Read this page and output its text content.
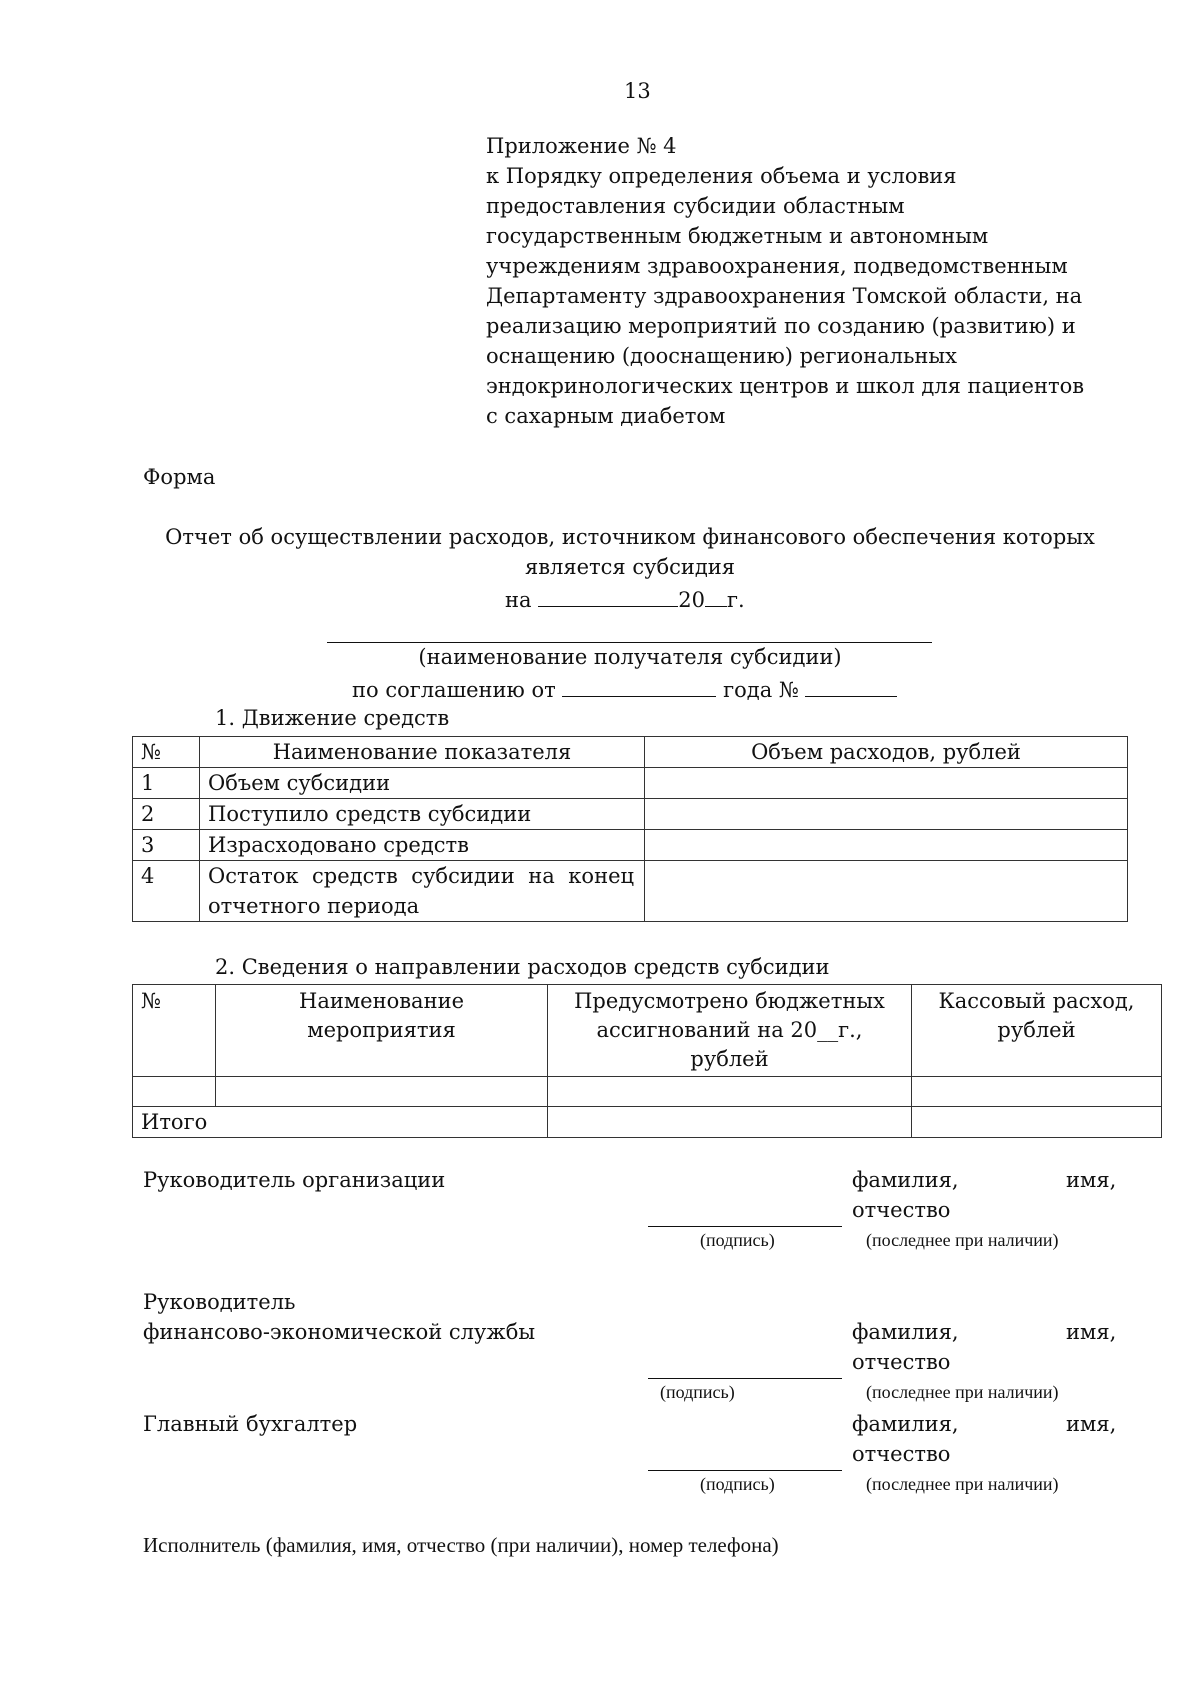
13
Приложение № 4
к Порядку определения объема и условия
предоставления субсидии областным
государственным бюджетным и автономным
учреждениям здравоохранения, подведомственным
Департаменту здравоохранения Томской области, на
реализацию мероприятий по созданию (развитию) и
оснащению (дооснащению) региональных
эндокринологических центров и школ для пациентов
с сахарным диабетом
Форма
Отчет об осуществлении расходов, источником финансового обеспечения которых
является субсидия
на	20 г.
(наименование получателя субсидии)
по соглашению от	года №
1. Движение средств
№	Наименование показателя	Объем расходов, рублей
1	Объем субсидии	
2	Поступило средств субсидии	
3	Израсходовано средств	
4	Остаток средств субсидии на конец отчетного периода	
2. Сведения о направлении расходов средств субсидии
№	Наименование мероприятия	Предусмотрено бюджетных ассигнований на 20__г., рублей	Кассовый расход, рублей

Итого			
Руководитель организации	фамилия,	имя,
отчество
(подпись)	(последнее при наличии)
Руководитель
финансово-экономической службы	фамилия,	имя,
отчество
(подпись)	(последнее при наличии)
Главный бухгалтер	фамилия,	имя,
отчество
(подпись)	(последнее при наличии)
Исполнитель (фамилия, имя, отчество (при наличии), номер телефона)
